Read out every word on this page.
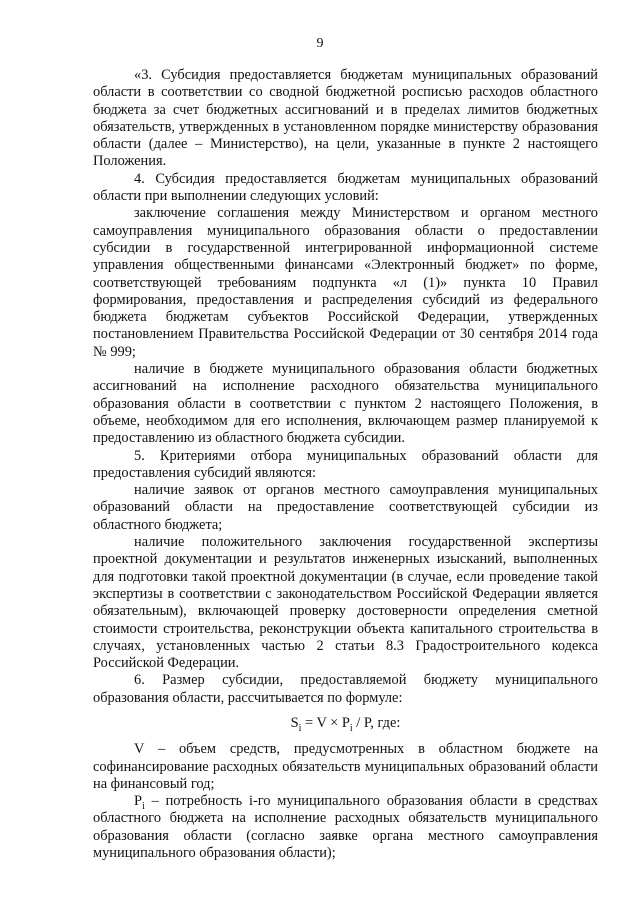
9

«3. Субсидия предоставляется бюджетам муниципальных образований области в соответствии со сводной бюджетной росписью расходов областного бюджета за счет бюджетных ассигнований и в пределах лимитов бюджетных обязательств, утвержденных в установленном порядке министерству образования области (далее – Министерство), на цели, указанные в пункте 2 настоящего Положения.

4. Субсидия предоставляется бюджетам муниципальных образований области при выполнении следующих условий:

заключение соглашения между Министерством и органом местного самоуправления муниципального образования области о предоставлении субсидии в государственной интегрированной информационной системе управления общественными финансами «Электронный бюджет» по форме, соответствующей требованиям подпункта «л (1)» пункта 10 Правил формирования, предоставления и распределения субсидий из федерального бюджета бюджетам субъектов Российской Федерации, утвержденных постановлением Правительства Российской Федерации от 30 сентября 2014 года № 999;

наличие в бюджете муниципального образования области бюджетных ассигнований на исполнение расходного обязательства муниципального образования области в соответствии с пунктом 2 настоящего Положения, в объеме, необходимом для его исполнения, включающем размер планируемой к предоставлению из областного бюджета субсидии.

5. Критериями отбора муниципальных образований области для предоставления субсидий являются:

наличие заявок от органов местного самоуправления муниципальных образований области на предоставление соответствующей субсидии из областного бюджета;

наличие положительного заключения государственной экспертизы проектной документации и результатов инженерных изысканий, выполненных для подготовки такой проектной документации (в случае, если проведение такой экспертизы в соответствии с законодательством Российской Федерации является обязательным), включающей проверку достоверности определения сметной стоимости строительства, реконструкции объекта капитального строительства в случаях, установленных частью 2 статьи 8.3 Градостроительного кодекса Российской Федерации.

6. Размер субсидии, предоставляемой бюджету муниципального образования области, рассчитывается по формуле:

$S_i = V \times P_i / P$, где:

V – объем средств, предусмотренных в областном бюджете на софинансирование расходных обязательств муниципальных образований области на финансовый год;

$P_i$ – потребность i-го муниципального образования области в средствах областного бюджета на исполнение расходных обязательств муниципального образования области (согласно заявке органа местного самоуправления муниципального образования области);
